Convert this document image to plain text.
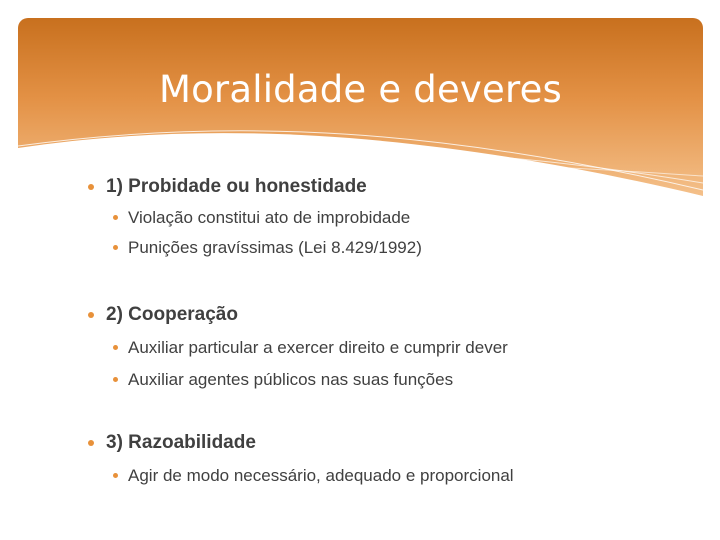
Moralidade e deveres
1) Probidade ou honestidade
Violação constitui ato de improbidade
Punições gravíssimas (Lei 8.429/1992)
2) Cooperação
Auxiliar particular a exercer direito e cumprir dever
Auxiliar agentes públicos nas suas funções
3) Razoabilidade
Agir de modo necessário, adequado e proporcional
